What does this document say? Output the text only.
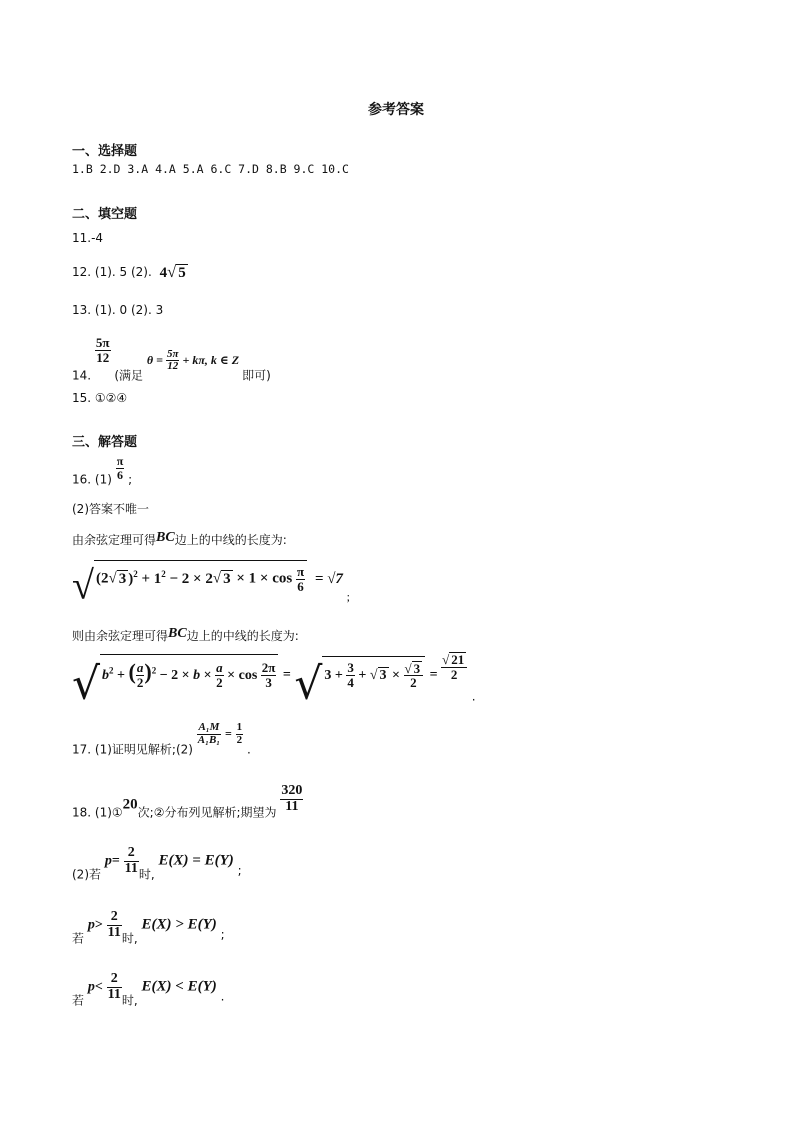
参考答案
一、选择题
1.B 2.D 3.A 4.A 5.A 6.C 7.D 8.B 9.C 10.C
二、填空题
11.-4
12. (1). 5 (2). 4√ 5
13. (1). 0 (2). 3
14.
$\frac{5\pi}{12}$
(满足 $\theta = \frac{5\pi}{12} + k\pi$, k ∈ Z 即可)
15. ①②④
三、解答题
16. $(1) \frac{\pi}{6}$ ;
(2)答案不唯一
由余弦定理可得BC边上的中线的长度为:
√ (2√ 3 )$^2 + 1^2 - 2 \times 2√$ $3 \times 1 \times \cos \frac{\pi}{6} = √7$ $_;$
则由余弦定理可得BC边上的中线的长度为:
√ $b^2$ + ( $\frac{a}{2} )^2 - 2 \times b \times \frac{a}{2} \times \cos \frac{2\pi}{3} = √3 + \frac{3}{4}$ + √ $3 \times \frac{√ 3}{2} = \frac{√ 21}{2}$
.
17. (1)证明见解析;(2)
$\frac{\text{A₁M}}{\text{A₁B₁}} = \frac{1}{2}$
.
18. (1)①20次;②分布列见解析;期望为 $\frac{320}{11}$
(2)若 $p= \frac{2}{11}$ 时, E(X) = E(Y) ;
若 $p> \frac{2}{11}$ 时, E(X) > E(Y) ;
若 $p< \frac{2}{11}$ 时, E(X) < E(Y) .
